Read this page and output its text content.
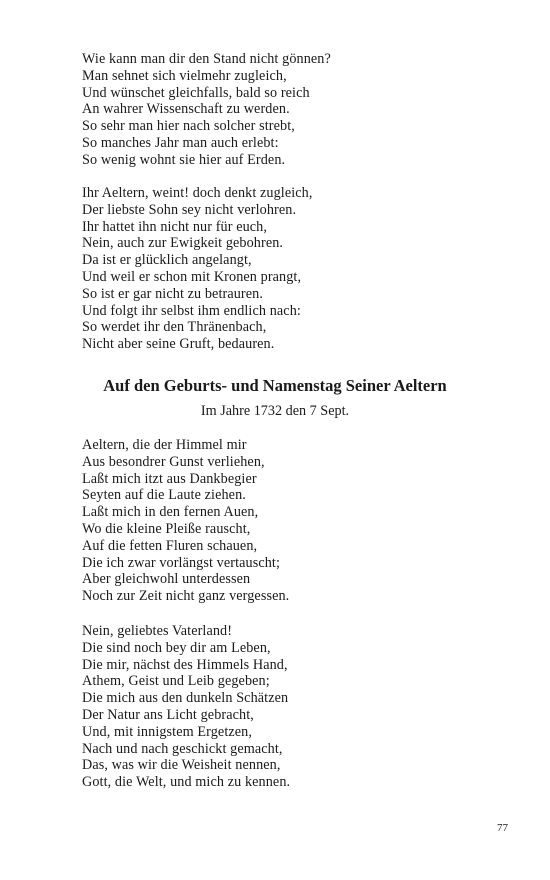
Wie kann man dir den Stand nicht gönnen?
Man sehnet sich vielmehr zugleich,
Und wünschet gleichfalls, bald so reich
An wahrer Wissenschaft zu werden.
So sehr man hier nach solcher strebt,
So manches Jahr man auch erlebt:
So wenig wohnt sie hier auf Erden.
Ihr Aeltern, weint! doch denkt zugleich,
Der liebste Sohn sey nicht verlohren.
Ihr hattet ihn nicht nur für euch,
Nein, auch zur Ewigkeit gebohren.
Da ist er glücklich angelangt,
Und weil er schon mit Kronen prangt,
So ist er gar nicht zu betrauren.
Und folgt ihr selbst ihm endlich nach:
So werdet ihr den Thränenbach,
Nicht aber seine Gruft, bedauren.
Auf den Geburts- und Namenstag Seiner Aeltern
Im Jahre 1732 den 7 Sept.
Aeltern, die der Himmel mir
Aus besondrer Gunst verliehen,
Laßt mich itzt aus Dankbegier
Seyten auf die Laute ziehen.
Laßt mich in den fernen Auen,
Wo die kleine Pleiße rauscht,
Auf die fetten Fluren schauen,
Die ich zwar vorlängst vertauscht;
Aber gleichwohl unterdessen
Noch zur Zeit nicht ganz vergessen.
Nein, geliebtes Vaterland!
Die sind noch bey dir am Leben,
Die mir, nächst des Himmels Hand,
Athem, Geist und Leib gegeben;
Die mich aus den dunkeln Schätzen
Der Natur ans Licht gebracht,
Und, mit innigstem Ergetzen,
Nach und nach geschickt gemacht,
Das, was wir die Weisheit nennen,
Gott, die Welt, und mich zu kennen.
77
